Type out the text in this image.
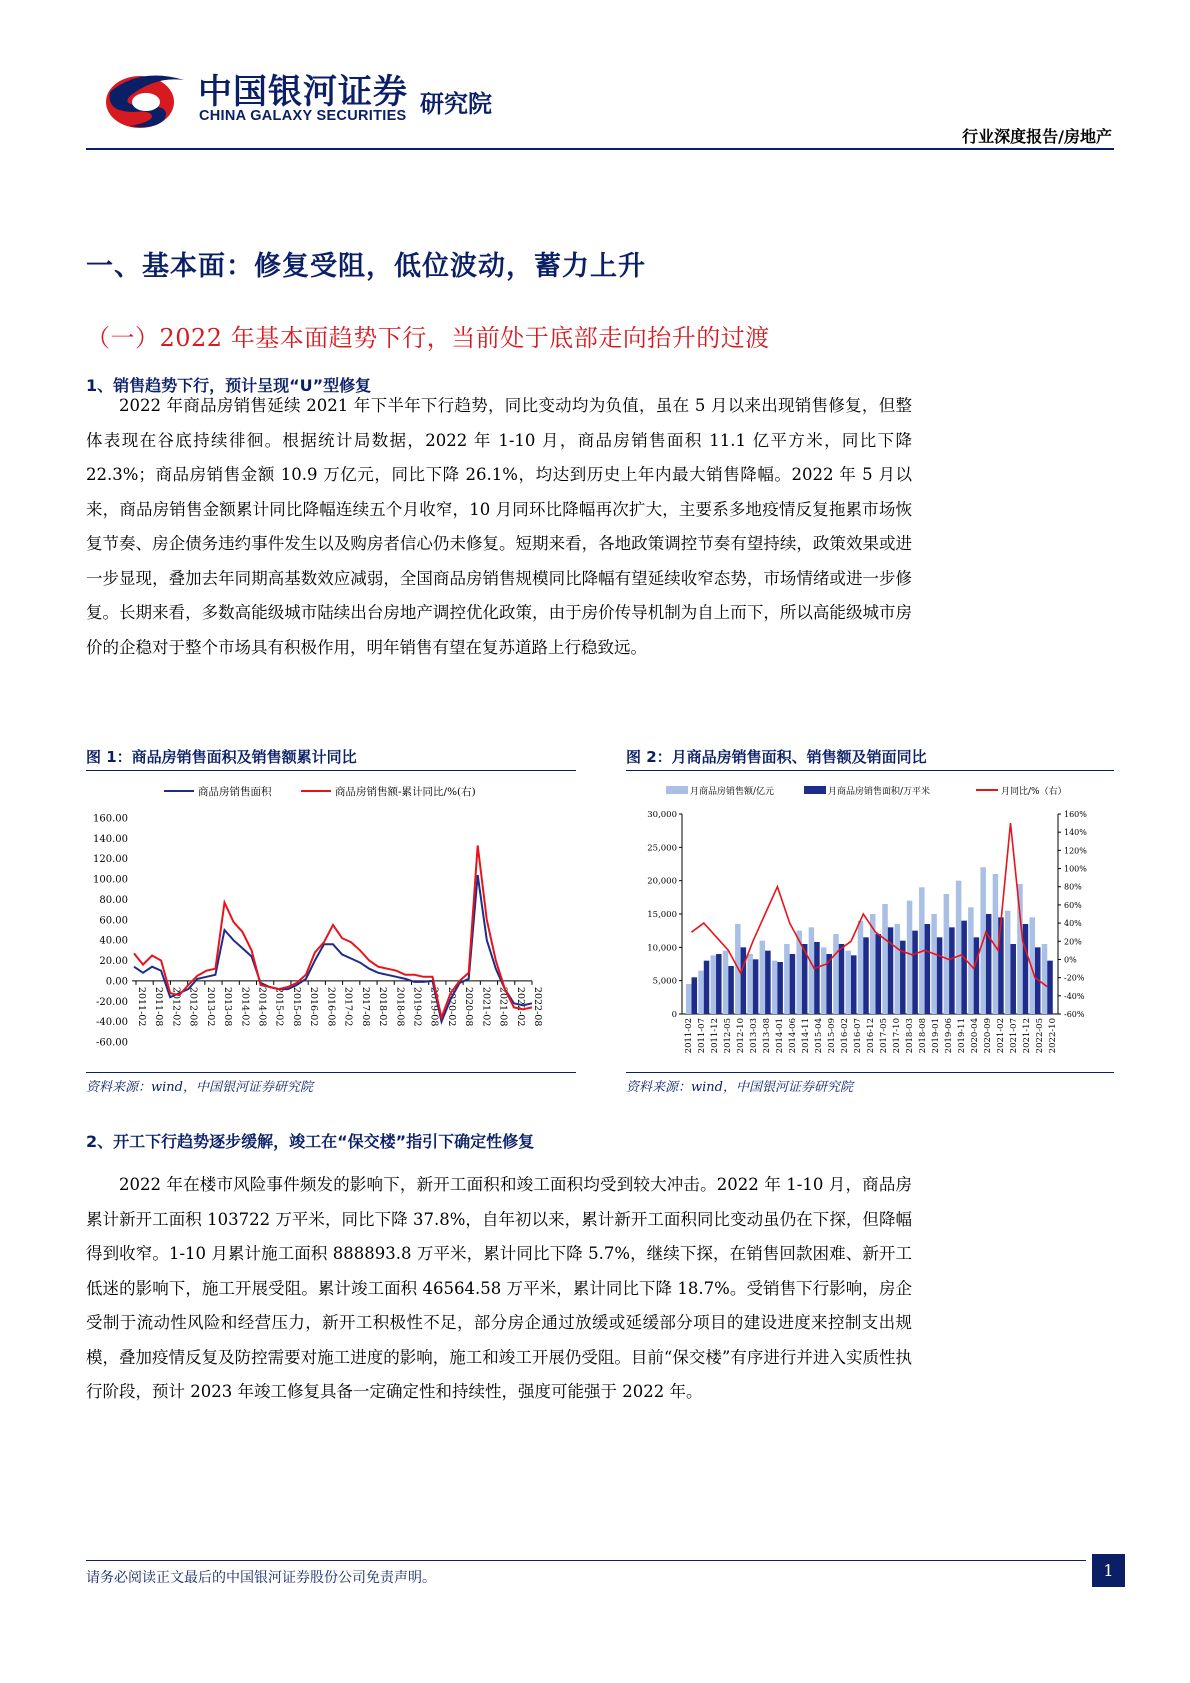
中国银河证券
CHINA GALAXY SECURITIES 研究院
行业深度报告/房地产
一、基本面：修复受阻，低位波动，蓄力上升
（一）2022 年基本面趋势下行，当前处于底部走向抬升的过渡
1、销售趋势下行，预计呈现“U”型修复
2022 年商品房销售延续 2021 年下半年下行趋势，同比变动均为负值，虽在 5 月以来出现销售修复，但整体表现在谷底持续徘徊。根据统计局数据，2022 年 1-10 月，商品房销售面积 11.1 亿平方米，同比下降 22.3%；商品房销售金额 10.9 万亿元，同比下降 26.1%，均达到历史上年内最大销售降幅。2022 年 5 月以来，商品房销售金额累计同比降幅连续五个月收窄，10 月同环比降幅再次扩大，主要系多地疫情反复拖累市场恢复节奏、房企债务违约事件发生以及购房者信心仍未修复。短期来看，各地政策调控节奏有望持续，政策效果或进一步显现，叠加去年同期高基数效应减弱，全国商品房销售规模同比降幅有望延续收窄态势，市场情绪或进一步修复。长期来看，多数高能级城市陆续出台房地产调控优化政策，由于房价传导机制为自上而下，所以高能级城市房价的企稳对于整个市场具有积极作用，明年销售有望在复苏道路上行稳致远。
图 1：商品房销售面积及销售额累计同比
商品房销售面积	商品房销售额-累计同比/%(右)
160.00
140.00
120.00
100.00
80.00
60.00
40.00
20.00
0.00
-20.00
-40.00
-60.00
2011-02 2011-08 2012-02 2012-08 2013-02 2013-08 2014-02 2014-08 2015-02 2015-08 2016-02 2016-08 2017-02 2017-08 2018-02 2018-08 2019-02 2019-08 2020-02 2020-08 2021-02 2021-08 2022-02 2022-08
资料来源：wind，中国银河证券研究院
图 2：月商品房销售面积、销售额及销面同比
月商品房销售额/亿元	月商品房销售面积/万平米	月同比/%（右）
30,000
25,000
20,000
15,000
10,000
5,000
0
160%
140%
120%
100%
80%
60%
40%
20%
0%
-20%
-40%
-60%
2011-02 2011-07 2011-12 2012-05 2012-10 2013-03 2013-08 2014-01 2014-06 2014-11 2015-04 2015-09 2016-02 2016-07 2016-12 2017-05 2017-10 2018-03 2018-08 2019-01 2019-06 2019-11 2020-04 2020-09 2021-02 2021-07 2021-12 2022-05 2022-10
资料来源：wind，中国银河证券研究院
2、开工下行趋势逐步缓解，竣工在“保交楼”指引下确定性修复
2022 年在楼市风险事件频发的影响下，新开工面积和竣工面积均受到较大冲击。2022 年 1-10 月，商品房累计新开工面积 103722 万平米，同比下降 37.8%，自年初以来，累计新开工面积同比变动虽仍在下探，但降幅得到收窄。1-10 月累计施工面积 888893.8 万平米，累计同比下降 5.7%，继续下探，在销售回款困难、新开工低迷的影响下，施工开展受阻。累计竣工面积 46564.58 万平米，累计同比下降 18.7%。受销售下行影响，房企受制于流动性风险和经营压力，新开工积极性不足，部分房企通过放缓或延缓部分项目的建设进度来控制支出规模，叠加疫情反复及防控需要对施工进度的影响，施工和竣工开展仍受阻。目前“保交楼”有序进行并进入实质性执行阶段，预计 2023 年竣工修复具备一定确定性和持续性，强度可能强于 2022 年。
请务必阅读正文最后的中国银河证券股份公司免责声明。	1
